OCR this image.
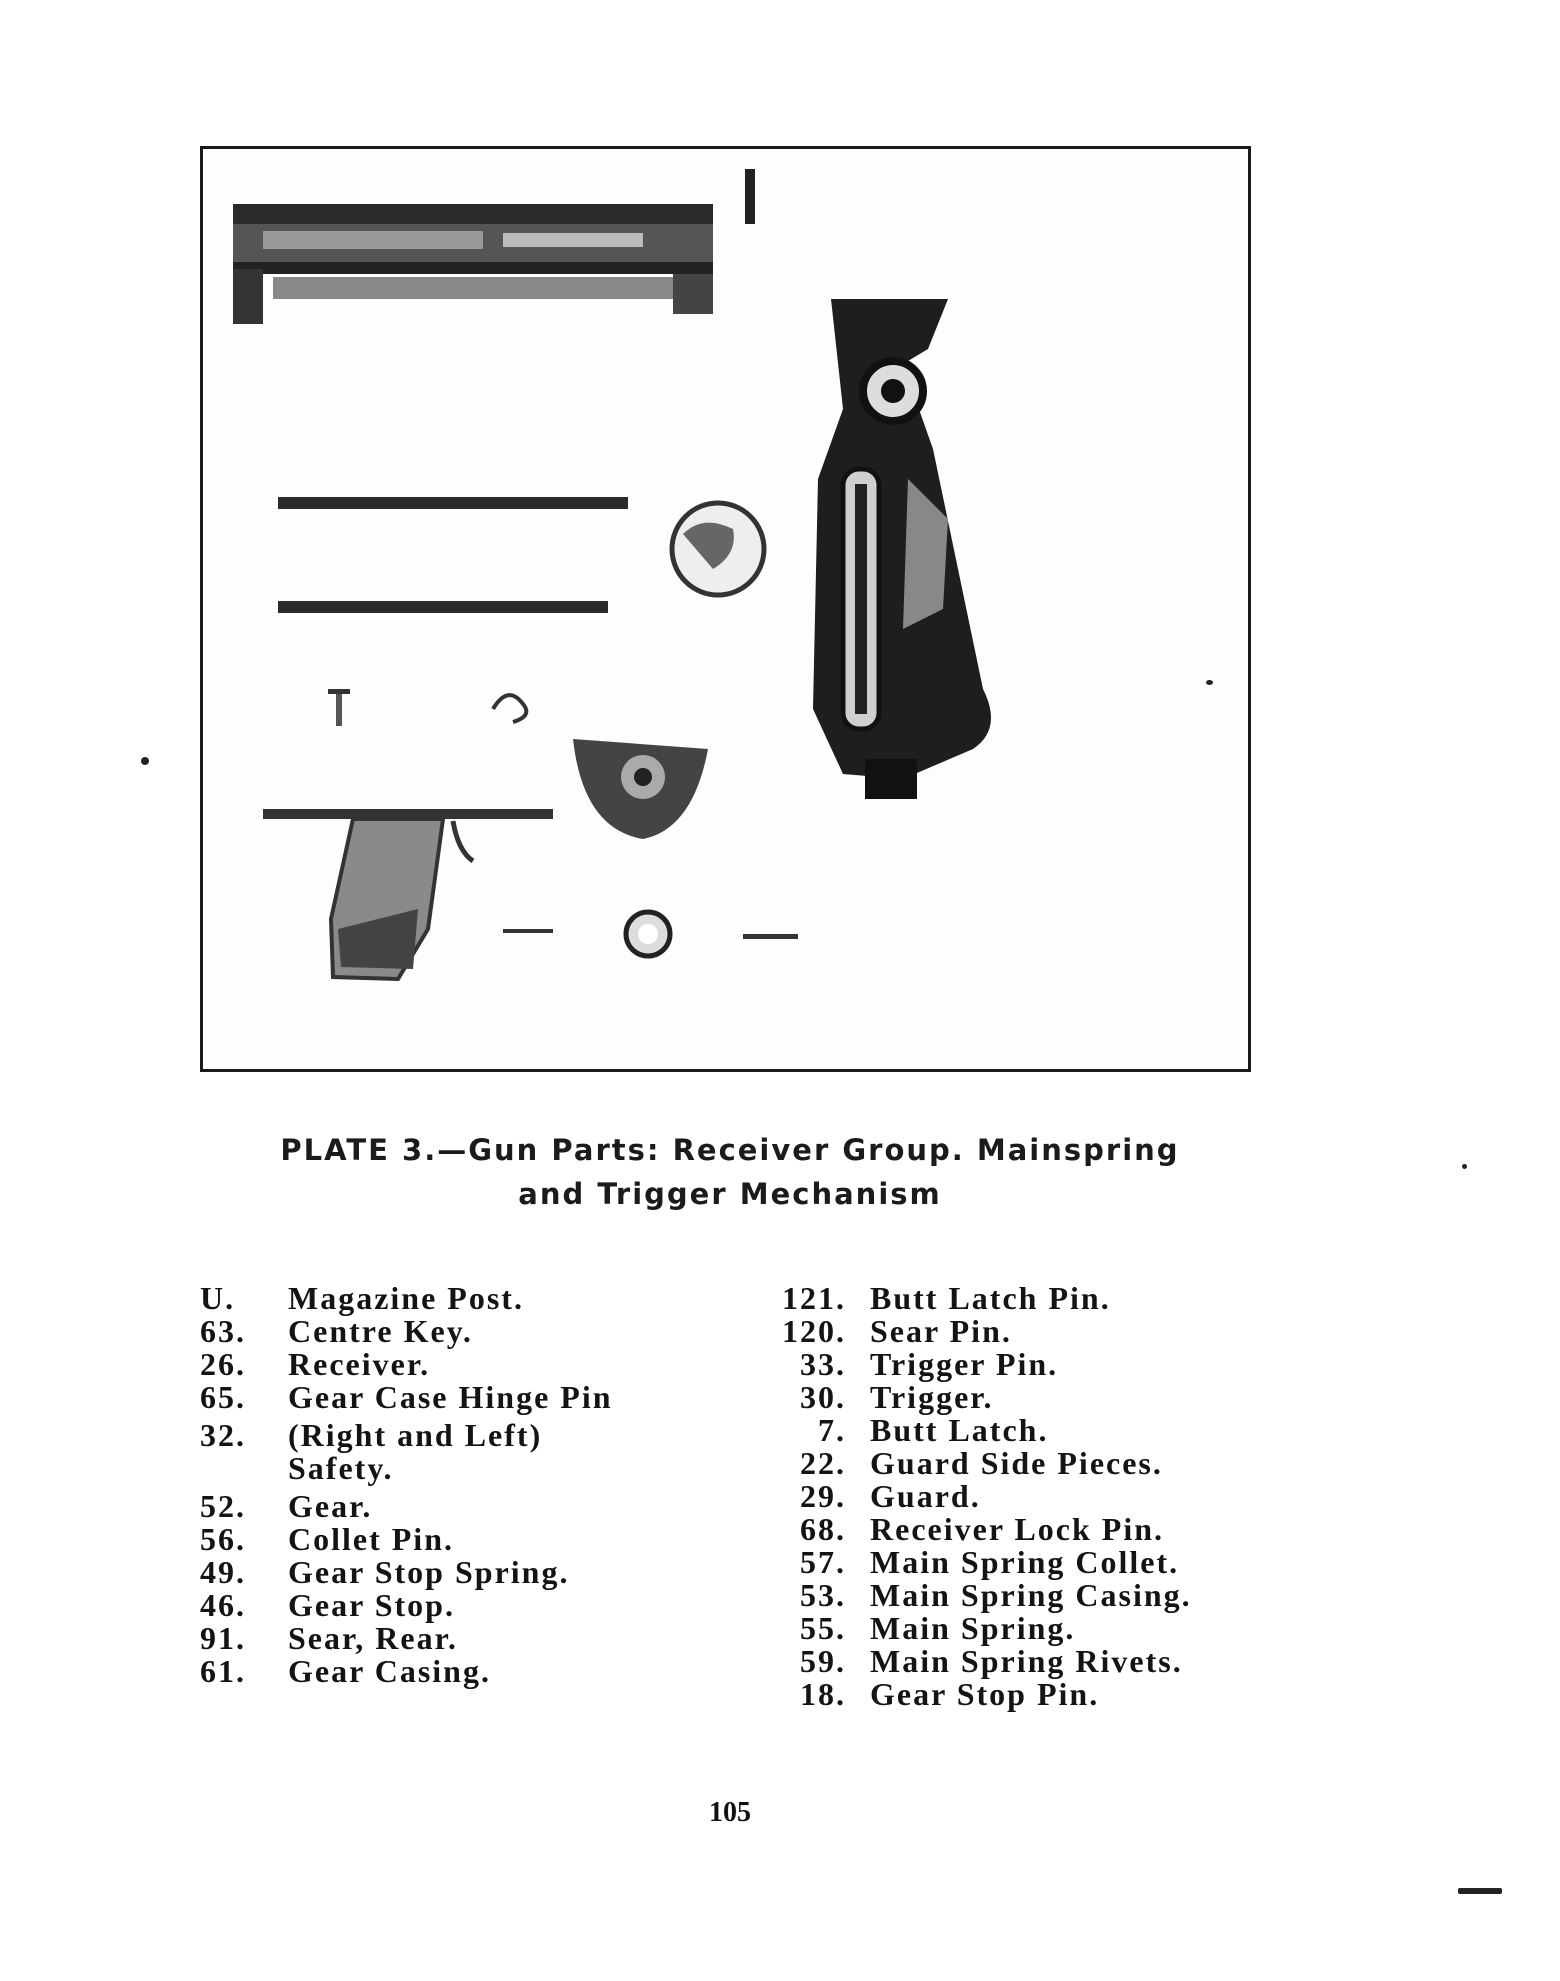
PLATE 3.—Gun Parts: Receiver Group. Mainspring
and Trigger Mechanism
U.	Magazine Post.
63.	Centre Key.
26.	Receiver.
65.	Gear Case Hinge Pin
32.	(Right and Left) Safety.
52.	Gear.
56.	Collet Pin.
49.	Gear Stop Spring.
46.	Gear Stop.
91.	Sear, Rear.
61.	Gear Casing.
121. Butt Latch Pin.
120. Sear Pin.
33. Trigger Pin.
30. Trigger.
7. Butt Latch.
22. Guard Side Pieces.
29. Guard.
68. Receiver Lock Pin.
57. Main Spring Collet.
53. Main Spring Casing.
55. Main Spring.
59. Main Spring Rivets.
18. Gear Stop Pin.
105
